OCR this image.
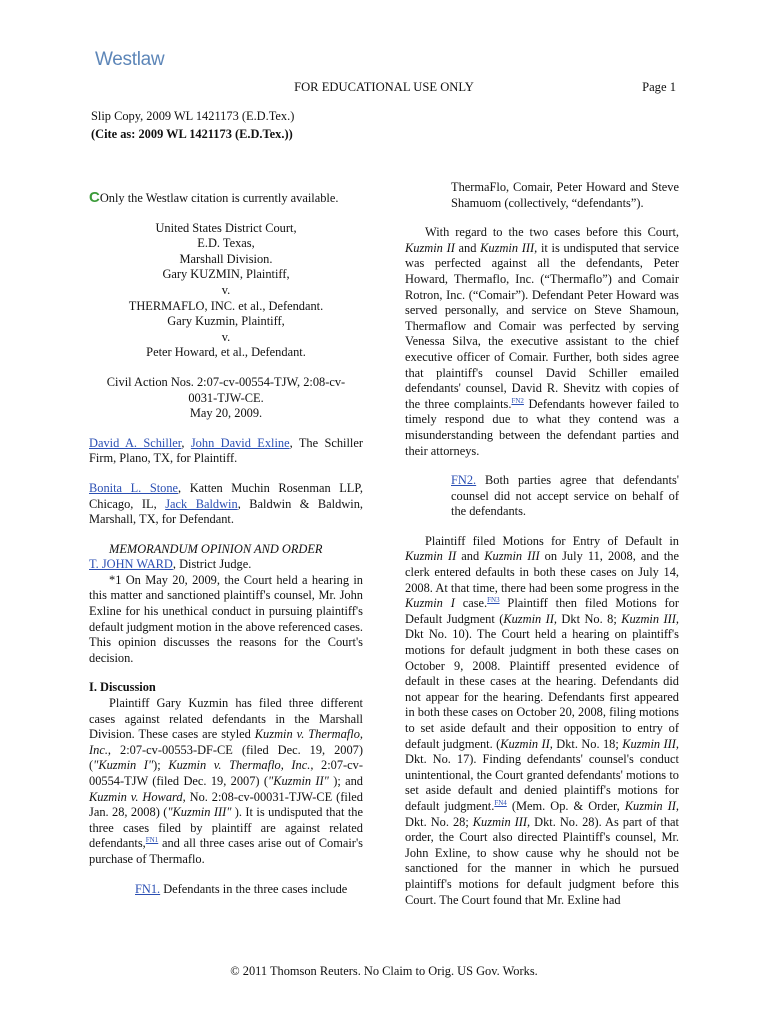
Westlaw
FOR EDUCATIONAL USE ONLY	Page 1
Slip Copy, 2009 WL 1421173 (E.D.Tex.)
(Cite as: 2009 WL 1421173 (E.D.Tex.))

COnly the Westlaw citation is currently available.

United States District Court,
E.D. Texas,
Marshall Division.
Gary KUZMIN, Plaintiff,
v.
THERMAFLO, INC. et al., Defendant.
Gary Kuzmin, Plaintiff,
v.
Peter Howard, et al., Defendant.
Civil Action Nos. 2:07-cv-00554-TJW, 2:08-cv-
0031-TJW-CE.
May 20, 2009.

David A. Schiller, John David Exline, The Schiller Firm, Plano, TX, for Plaintiff.

Bonita L. Stone, Katten Muchin Rosenman LLP, Chicago, IL, Jack Baldwin, Baldwin & Baldwin, Marshall, TX, for Defendant.

MEMORANDUM OPINION AND ORDER

T. JOHN WARD, District Judge.

*1 On May 20, 2009, the Court held a hearing in this matter and sanctioned plaintiff's counsel, Mr. John Exline for his unethical conduct in pursuing plaintiff's default judgment motion in the above referenced cases. This opinion discusses the reasons for the Court's decision.

I. Discussion

Plaintiff Gary Kuzmin has filed three different cases against related defendants in the Marshall Division. These cases are styled Kuzmin v. Thermaflo, Inc., 2:07-cv-00553-DF-CE (filed Dec. 19, 2007) ("Kuzmin I"); Kuzmin v. Thermaflo, Inc., 2:07-cv-00554-TJW (filed Dec. 19, 2007) ("Kuzmin II" ); and Kuzmin v. Howard, No. 2:08-cv-00031-TJW-CE (filed Jan. 28, 2008) ("Kuzmin III" ). It is undisputed that the three cases filed by plaintiff are against related defendants,$^{FN1}$ and all three cases arise out of Comair's purchase of Thermaflo.

FN1. Defendants in the three cases include

ThermaFlo, Comair, Peter Howard and Steve Shamuom (collectively, “defendants”).

With regard to the two cases before this Court, Kuzmin II and Kuzmin III, it is undisputed that service was perfected against all the defendants, Peter Howard, Thermaflo, Inc. (“Thermaflo”) and Comair Rotron, Inc. (“Comair”). Defendant Peter Howard was served personally, and service on Steve Shamoun, Thermaflow and Comair was perfected by serving Venessa Silva, the executive assistant to the chief executive officer of Comair. Further, both sides agree that plaintiff's counsel David Schiller emailed defendants' counsel, David R. Shevitz with copies of the three complaints.$^{FN2}$ Defendants however failed to timely respond due to what they contend was a misunderstanding between the defendant parties and their attorneys.

FN2. Both parties agree that defendants' counsel did not accept service on behalf of the defendants.

Plaintiff filed Motions for Entry of Default in Kuzmin II and Kuzmin III on July 11, 2008, and the clerk entered defaults in both these cases on July 14, 2008. At that time, there had been some progress in the Kuzmin I case.$^{FN3}$ Plaintiff then filed Motions for Default Judgment (Kuzmin II, Dkt No. 8; Kuzmin III, Dkt No. 10). The Court held a hearing on plaintiff's motions for default judgment in both these cases on October 9, 2008. Plaintiff presented evidence of default in these cases at the hearing. Defendants did not appear for the hearing. Defendants first appeared in both these cases on October 20, 2008, filing motions to set aside default and their opposition to entry of default judgment. (Kuzmin II, Dkt. No. 18; Kuzmin III, Dkt. No. 17). Finding defendants' counsel's conduct unintentional, the Court granted defendants' motions to set aside default and denied plaintiff's motions for default judgment.$^{FN4}$ (Mem. Op. & Order, Kuzmin II, Dkt. No. 28; Kuzmin III, Dkt. No. 28). As part of that order, the Court also directed Plaintiff's counsel, Mr. John Exline, to show cause why he should not be sanctioned for the manner in which he pursued plaintiff's motions for default judgment before this Court. The Court found that Mr. Exline had

© 2011 Thomson Reuters. No Claim to Orig. US Gov. Works.
